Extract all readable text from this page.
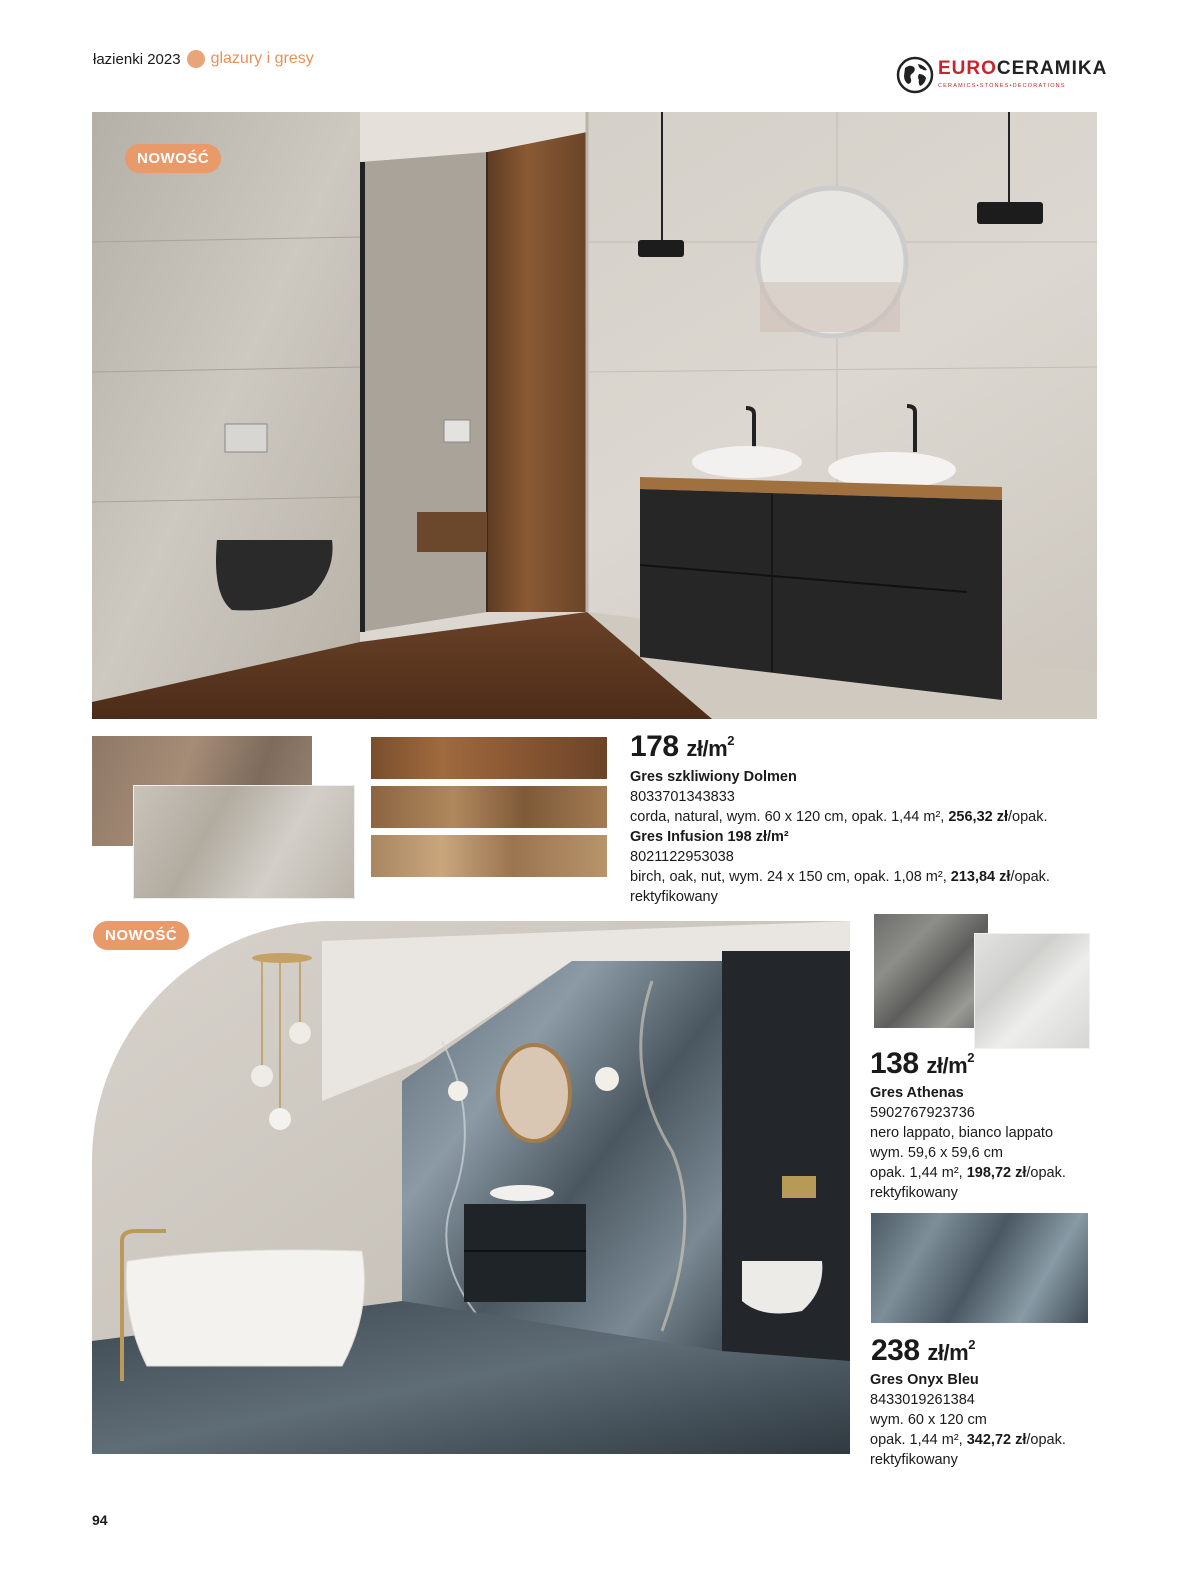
łazienki 2023 glazury i gresy	EUROCERAMIKA
CERAMICS•STONES•DECORATIONS
NOWOŚĆ
178 $zł/m^2$
Gres szkliwiony Dolmen
8033701343833
corda, natural, wym. 60 x 120 cm, opak. 1,44 m², 256,32 zł/opak.
Gres Infusion 198 zł/m²
8021122953038
birch, oak, nut, wym. 24 x 150 cm, opak. 1,08 m², 213,84 zł/opak.
rektyfikowany
NOWOŚĆ
138 $zł/m^2$
Gres Athenas
5902767923736
nero lappato, bianco lappato
wym. 59,6 x 59,6 cm
opak. 1,44 m², 198,72 zł/opak.
rektyfikowany
238 $zł/m^2$
Gres Onyx Bleu
8433019261384
wym. 60 x 120 cm
opak. 1,44 m², 342,72 zł/opak.
rektyfikowany
94
